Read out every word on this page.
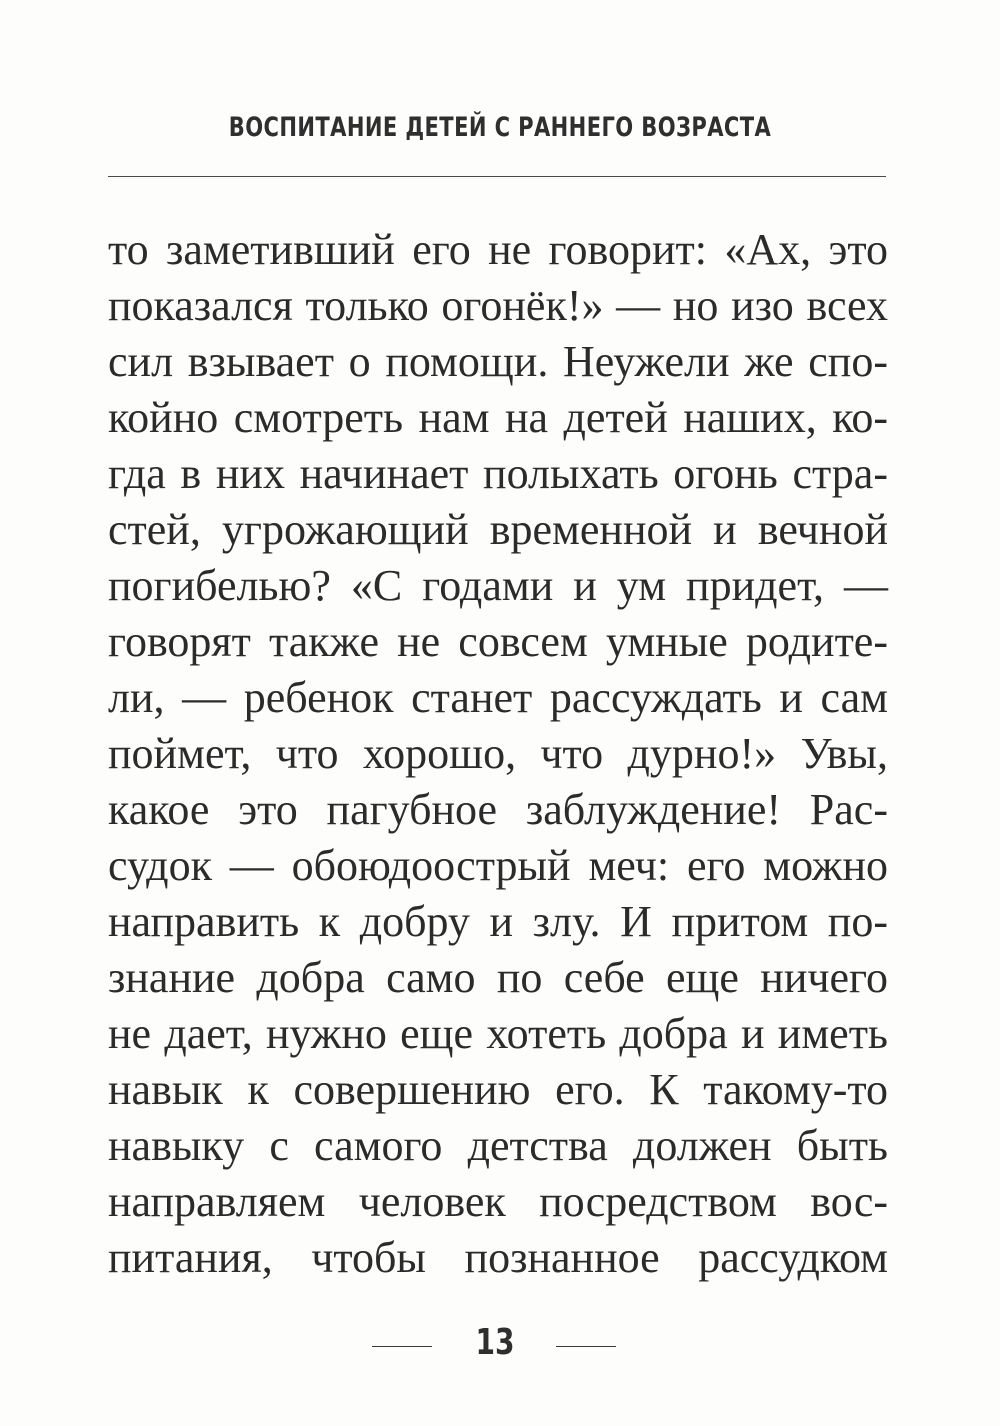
ВОСПИТАНИЕ ДЕТЕЙ С РАННЕГО ВОЗРАСТА
то заметивший его не говорит: «Ах, это
показался только огонёк!» — но изо всех
сил взывает о помощи. Неужели же спо-
койно смотреть нам на детей наших, ко-
гда в них начинает полыхать огонь стра-
стей, угрожающий временной и вечной
погибелью? «С годами и ум придет, —
говорят также не совсем умные родите-
ли, — ребенок станет рассуждать и сам
поймет, что хорошо, что дурно!» Увы,
какое это пагубное заблуждение! Рас-
судок — обоюдоострый меч: его можно
направить к добру и злу. И притом по-
знание добра само по себе еще ничего
не дает, нужно еще хотеть добра и иметь
навык к совершению его. К такому-то
навыку с самого детства должен быть
направляем человек посредством вос-
питания, чтобы познанное рассудком
13
